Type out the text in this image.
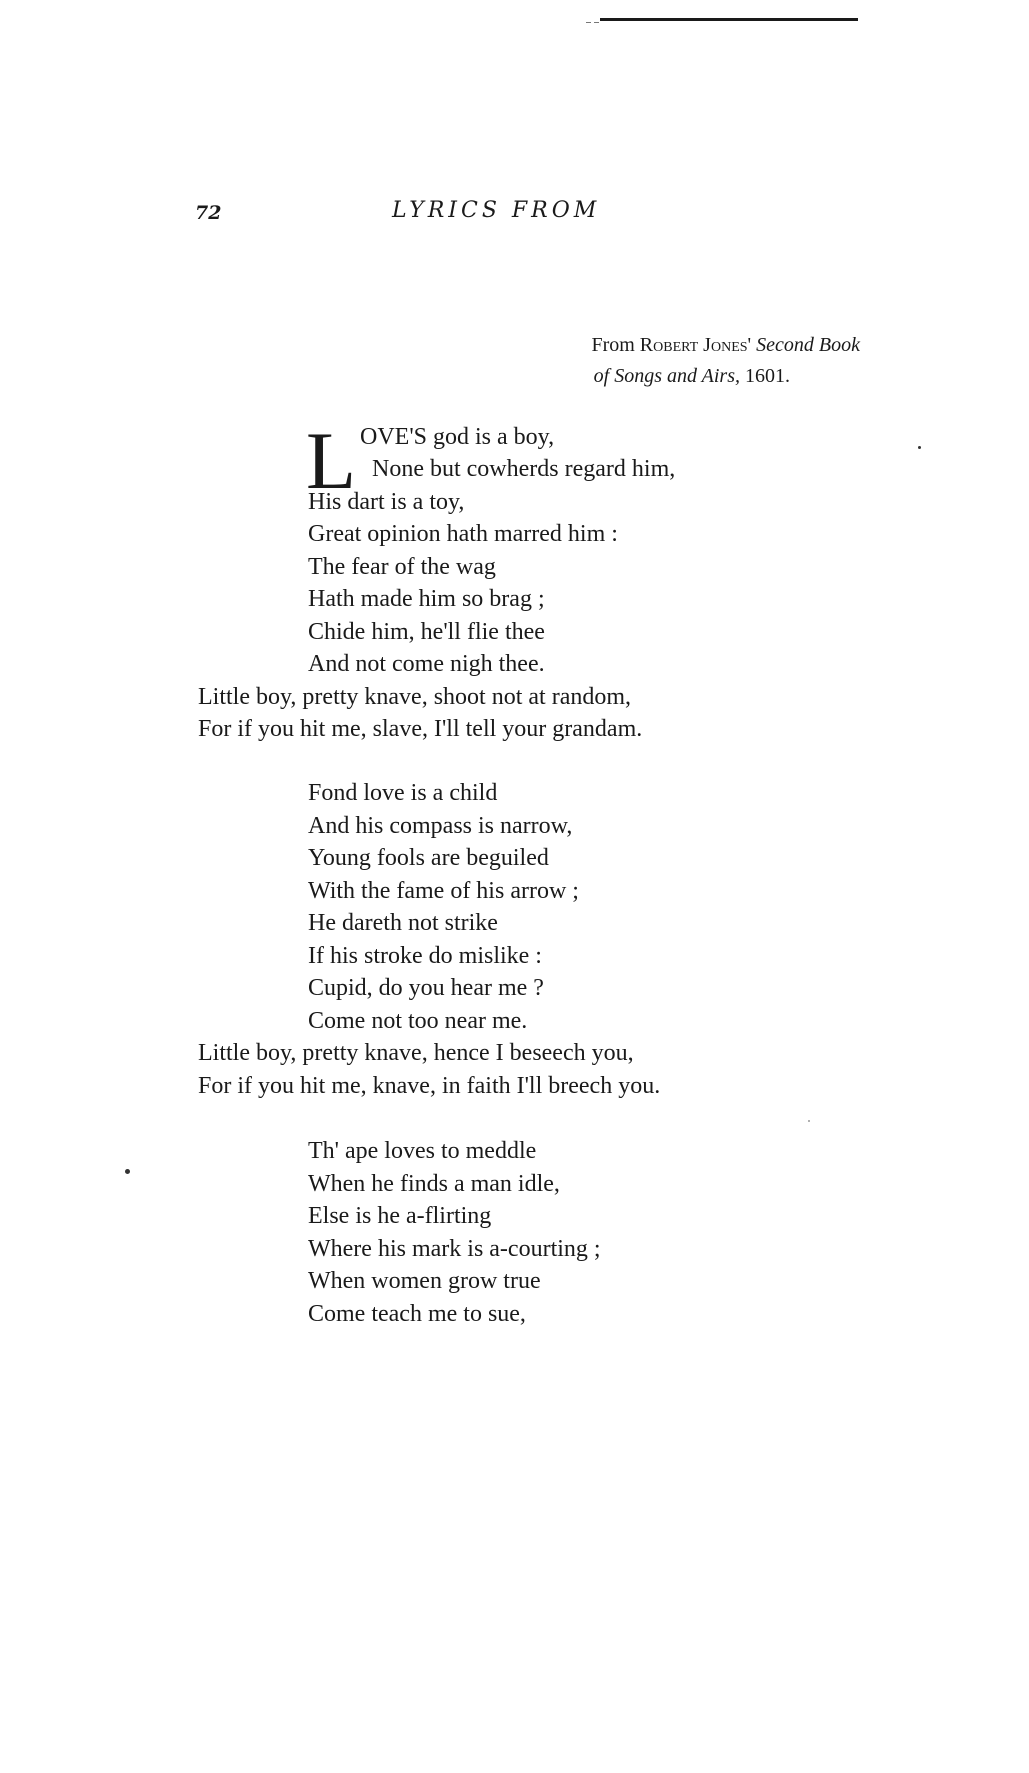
72	LYRICS FROM
From Robert Jones' Second Book
of Songs and Airs, 1601.
L OVE'S god is a boy,
None but cowherds regard him,
His dart is a toy,
Great opinion hath marred him :
The fear of the wag
Hath made him so brag ;
Chide him, he'll flie thee
And not come nigh thee.
Little boy, pretty knave, shoot not at random,
For if you hit me, slave, I'll tell your grandam.
Fond love is a child
And his compass is narrow,
Young fools are beguiled
With the fame of his arrow ;
He dareth not strike
If his stroke do mislike :
Cupid, do you hear me ?
Come not too near me.
Little boy, pretty knave, hence I beseech you,
For if you hit me, knave, in faith I'll breech you.
Th' ape loves to meddle
When he finds a man idle,
Else is he a-flirting
Where his mark is a-courting ;
When women grow true
Come teach me to sue,
